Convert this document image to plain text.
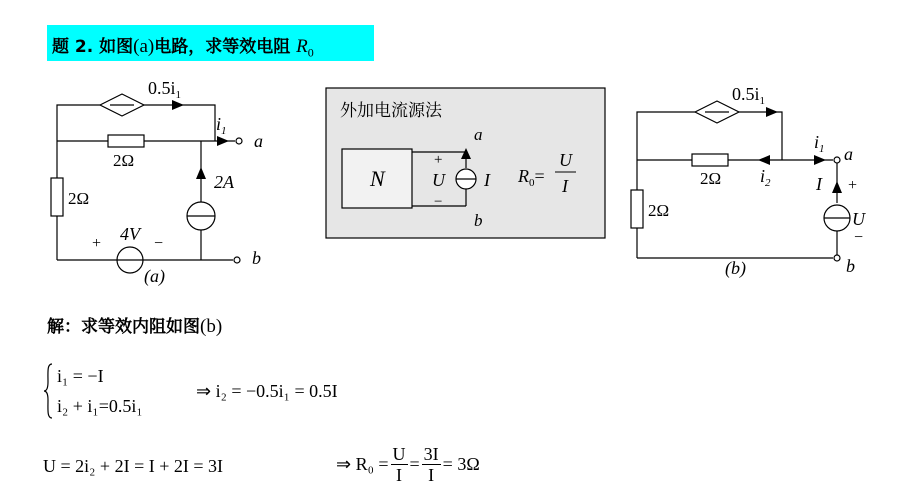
题 2. 如图(a)电路，求等效电阻 $R_0$
$0.5i_1$
$i_1$ a
2Ω
2Ω
2A
+ 4V −
b
(a)
外加电流源法
N
a
b
+
U
−
I $R_0=$
U
I
$0.5i_1$
$i_1$ a
2Ω $i_2$	I +
2Ω	U
−
b
(b)
解：求等效内阻如图(b)
i₁ = −I
i₂ + i₁=0.5i₁
⇒ i₂ = −0.5i₁ = 0.5I
U = 2i₂ + 2I = I + 2I = 3I	⇒ $R_0 = \frac{U}{I} = \frac{3I}{I} = 3\Omega$
